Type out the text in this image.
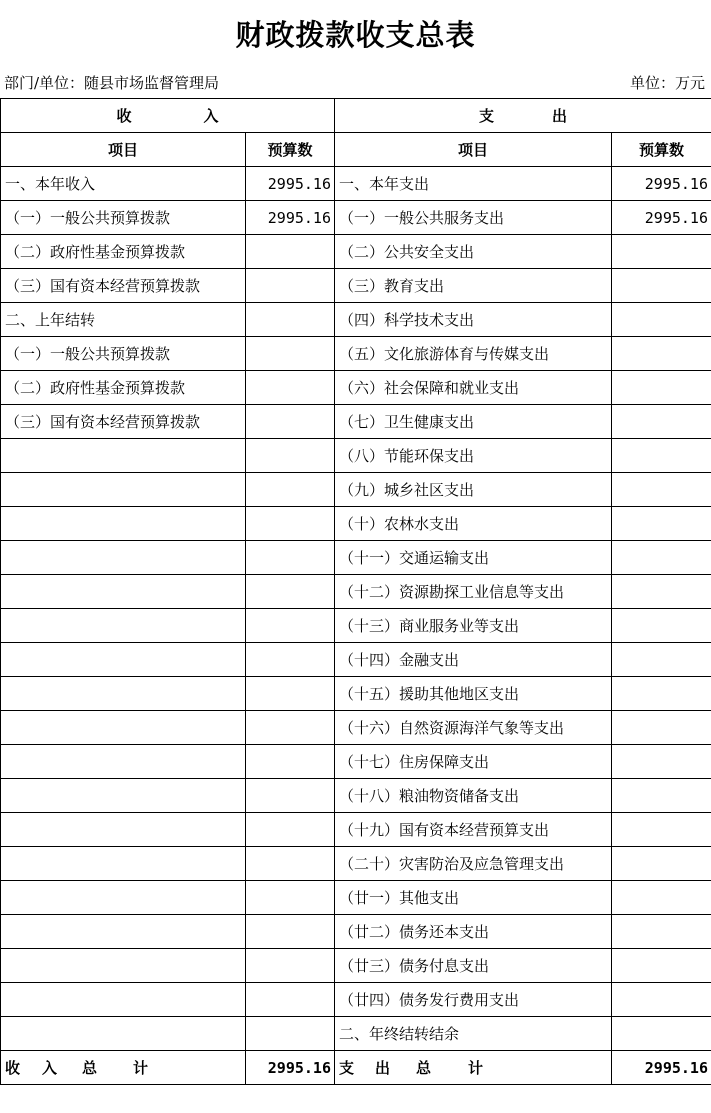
财政拨款收支总表
部门/单位：随县市场监督管理局	单位：万元
收 入		支 出	
项目	预算数	项目	预算数
一、本年收入	2995.16	一、本年支出	2995.16
（一）一般公共预算拨款	2995.16	（一）一般公共服务支出	2995.16
（二）政府性基金预算拨款		（二）公共安全支出	
（三）国有资本经营预算拨款		（三）教育支出	
二、上年结转		（四）科学技术支出	
（一）一般公共预算拨款		（五）文化旅游体育与传媒支出	
（二）政府性基金预算拨款		（六）社会保障和就业支出	
（三）国有资本经营预算拨款		（七）卫生健康支出	
		（八）节能环保支出	
		（九）城乡社区支出	
		（十）农林水支出	
		（十一）交通运输支出	
		（十二）资源勘探工业信息等支出	
		（十三）商业服务业等支出	
		（十四）金融支出	
		（十五）援助其他地区支出	
		（十六）自然资源海洋气象等支出	
		（十七）住房保障支出	
		（十八）粮油物资储备支出	
		（十九）国有资本经营预算支出	
		（二十）灾害防治及应急管理支出	
		（廿一）其他支出	
		（廿二）债务还本支出	
		（廿三）债务付息支出	
		（廿四）债务发行费用支出	
		二、年终结转结余	
收 入 总 计	2995.16	支 出 总 计	2995.16
